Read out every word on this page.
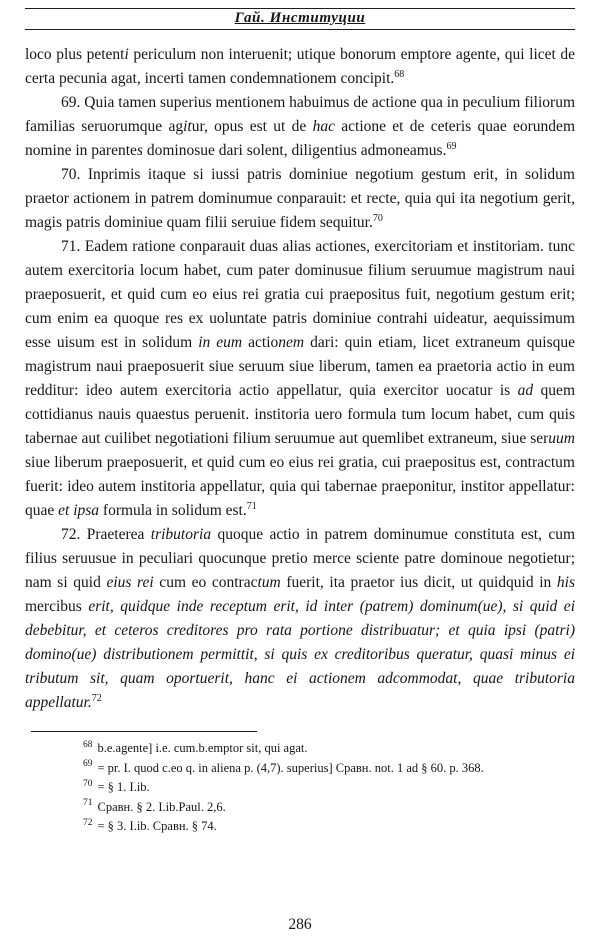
Гай. Институции

loco plus petenti periculum non interuenit; utique bonorum emptore agente, qui licet de certa pecunia agat, incerti tamen condemnationem concipit.$^{68}$

69. Quia tamen superius mentionem habuimus de actione qua in peculium filiorum familias seruorumque agitur, opus est ut de hac actione et de ceteris quae eorundem nomine in parentes dominosue dari solent, diligentius admoneamus.$^{69}$

70. Inprimis itaque si iussi patris dominiue negotium gestum erit, in solidum praetor actionem in patrem dominumue conparauit: et recte, quia qui ita negotium gerit, magis patris dominiue quam filii seruiue fidem sequitur.$^{70}$

71. Eadem ratione conparauit duas alias actiones, exercitoriam et institoriam. tunc autem exercitoria locum habet, cum pater dominusue filium seruumue magistrum naui praeposuerit, et quid cum eo eius rei gratia cui praepositus fuit, negotium gestum erit; cum enim ea quoque res ex uoluntate patris dominiue contrahi uideatur, aequissimum esse uisum est in solidum in eum actionem dari: quin etiam, licet extraneum quisque magistrum naui praeposuerit siue seruum siue liberum, tamen ea praetoria actio in eum redditur: ideo autem exercitoria actio appellatur, quia exercitor uocatur is ad quem cottidianus nauis quaestus peruenit. institoria uero formula tum locum habet, cum quis tabernae aut cuilibet negotiationi filium seruumue aut quemlibet extraneum, siue seruum siue liberum praeposuerit, et quid cum eo eius rei gratia, cui praepositus est, contractum fuerit: ideo autem institoria appellatur, quia qui tabernae praeponitur, institor appellatur: quae et ipsa formula in solidum est.$^{71}$

72. Praeterea tributoria quoque actio in patrem dominumue constituta est, cum filius seruusue in peculiari quocunque pretio merce sciente patre dominoue negotietur; nam si quid eius rei cum eo contractum fuerit, ita praetor ius dicit, ut quidquid in his mercibus erit, quidque inde receptum erit, id inter (patrem) dominum(ue), si quid ei debebitur, et ceteros creditores pro rata portione distribuatur; et quia ipsi (patri) domino(ue) distributionem permittit, si quis ex creditoribus queratur, quasi minus ei tributum sit, quam oportuerit, hanc ei actionem adcommodat, quae tributoria appellatur.$^{72}$

$^{68}$ b.e.agente] i.e. cum.b.emptor sit, qui agat.
$^{69}$ = pr. I. quod c.eo q. in aliena p. (4,7). superius] Сравн. not. 1 ad § 60. p. 368.
$^{70}$ = § 1. I.ib.
$^{71}$ Сравн. § 2. I.ib.Paul. 2,6.
$^{72}$ = § 3. I.ib. Сравн. § 74.
286
